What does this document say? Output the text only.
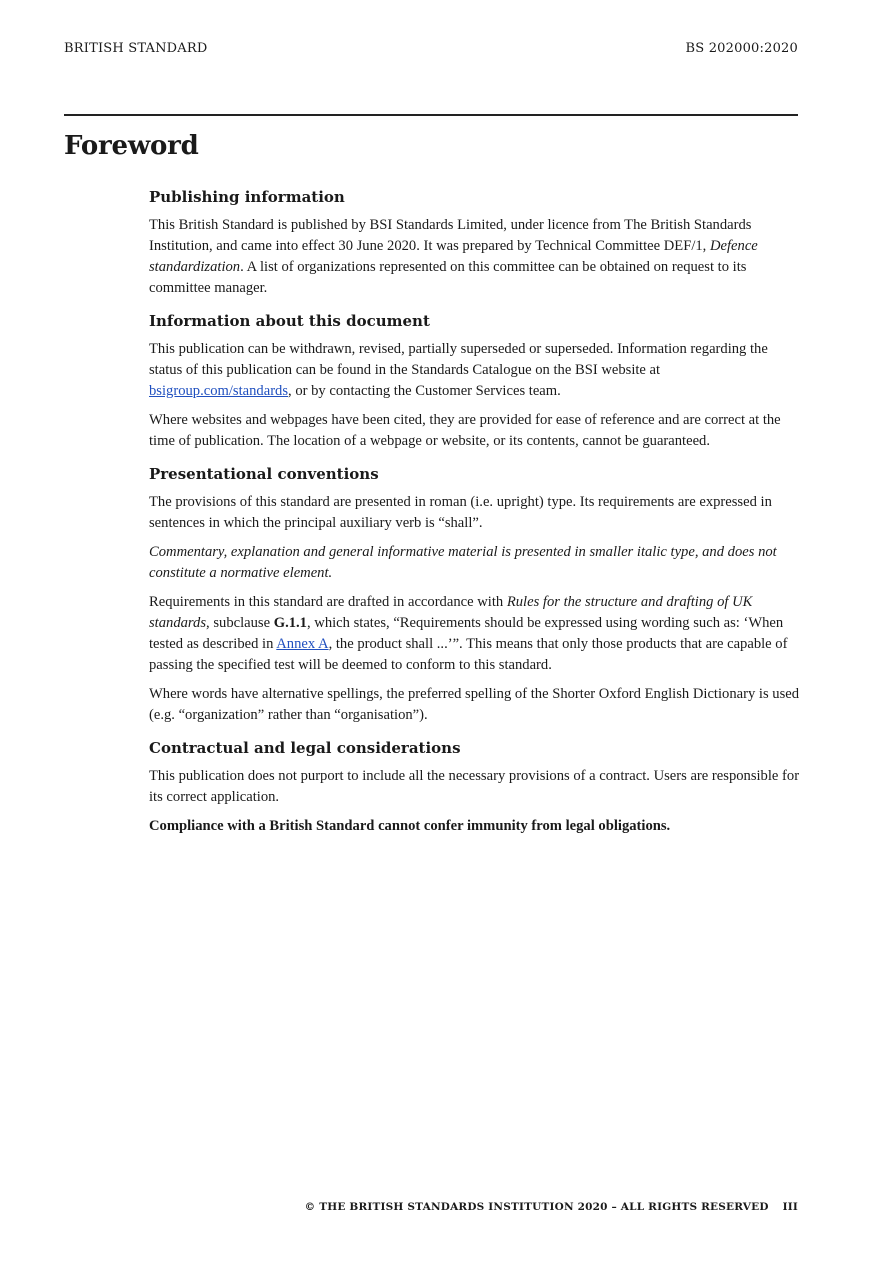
BRITISH STANDARD	BS 202000:2020
Foreword
Publishing information

This British Standard is published by BSI Standards Limited, under licence from The British Standards Institution, and came into effect 30 June 2020. It was prepared by Technical Committee DEF/1, Defence standardization. A list of organizations represented on this committee can be obtained on request to its committee manager.

Information about this document

This publication can be withdrawn, revised, partially superseded or superseded. Information regarding the status of this publication can be found in the Standards Catalogue on the BSI website at bsigroup.com/standards, or by contacting the Customer Services team.

Where websites and webpages have been cited, they are provided for ease of reference and are correct at the time of publication. The location of a webpage or website, or its contents, cannot be guaranteed.

Presentational conventions

The provisions of this standard are presented in roman (i.e. upright) type. Its requirements are expressed in sentences in which the principal auxiliary verb is “shall”.

Commentary, explanation and general informative material is presented in smaller italic type, and does not constitute a normative element.

Requirements in this standard are drafted in accordance with Rules for the structure and drafting of UK standards, subclause G.1.1, which states, “Requirements should be expressed using wording such as: ‘When tested as described in Annex A, the product shall ...’”. This means that only those products that are capable of passing the specified test will be deemed to conform to this standard.

Where words have alternative spellings, the preferred spelling of the Shorter Oxford English Dictionary is used (e.g. “organization” rather than “organisation”).

Contractual and legal considerations

This publication does not purport to include all the necessary provisions of a contract. Users are responsible for its correct application.

Compliance with a British Standard cannot confer immunity from legal obligations.

© THE BRITISH STANDARDS INSTITUTION 2020 – ALL RIGHTS RESERVED III
